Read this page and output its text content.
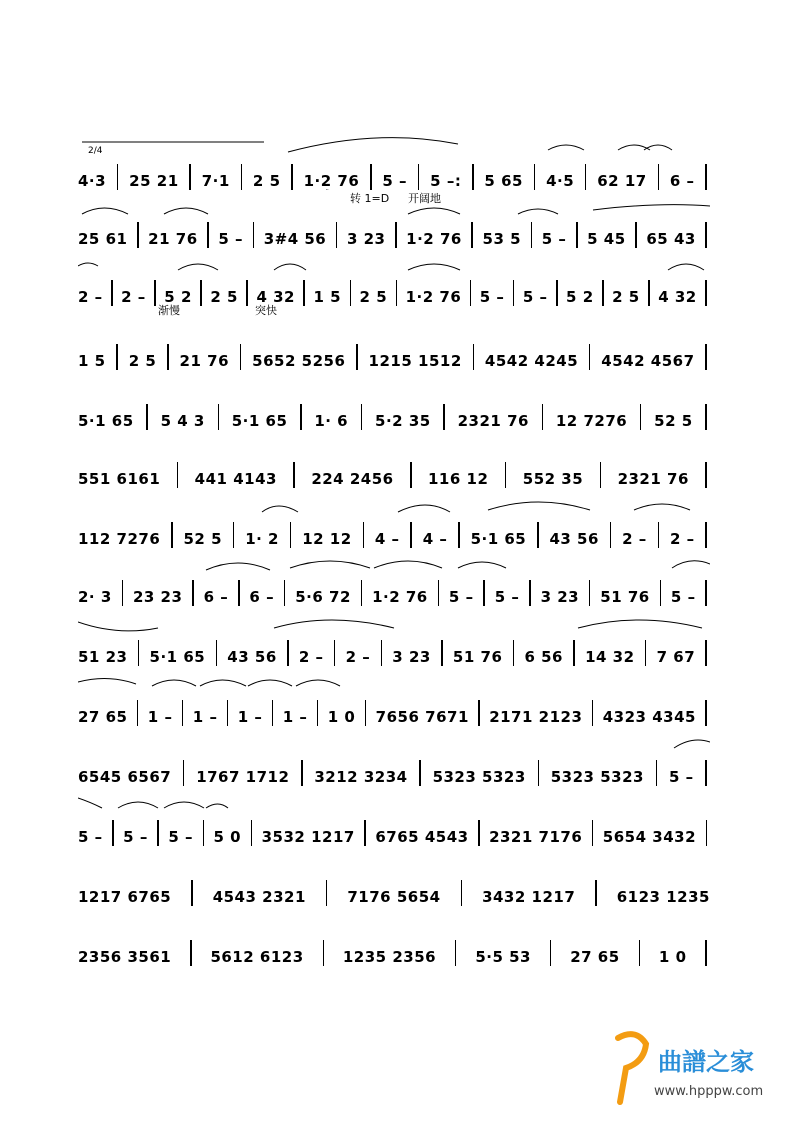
4·3 25 21 7·1 2 5 1·2 76 5 – 5 –: 5 65 4·5 62 17 6 –
2/4
转 1=D 开阔地
25 61 21 76 5 – 3#4 56 3 23 1·2 76 53 5 5 – 5 45 65 43
2 – 2 – 5 2 2 5 4 32 1 5 2 5 1·2 76 5 – 5 – 5 2 2 5 4 32
渐慢	突快
1 5 2 5 21 76 5652 5256 1215 1512 4542 4245 4542 4567
5·1 65 5 4 3 5·1 65 1· 6 5·2 35 2321 76 12 7276 52 5
551 6161 441 4143 224 2456 116 12 552 35 2321 76
112 7276 52 5 1· 2 12 12 4 – 4 – 5·1 65 43 56 2 – 2 –
2· 3 23 23 6 – 6 – 5·6 72 1·2 76 5 – 5 – 3 23 51 76 5 –
51 23 5·1 65 43 56 2 – 2 – 3 23 51 76 6 56 14 32 7 67
27 65 1 – 1 – 1 – 1 – 1 0 7656 7671 2171 2123 4323 4345
6545 6567 1767 1712 3212 3234 5323 5323 5323 5323 5 –
5 – 5 – 5 – 5 0 3532 1217 6765 4543 2321 7176 5654 3432
1217 6765	4543 2321	7176 5654	3432 1217	6123 1235
2356 3561	5612 6123	1235 2356	5·5 53	27 65	1 0
曲譜之家
www.hpppw.com
